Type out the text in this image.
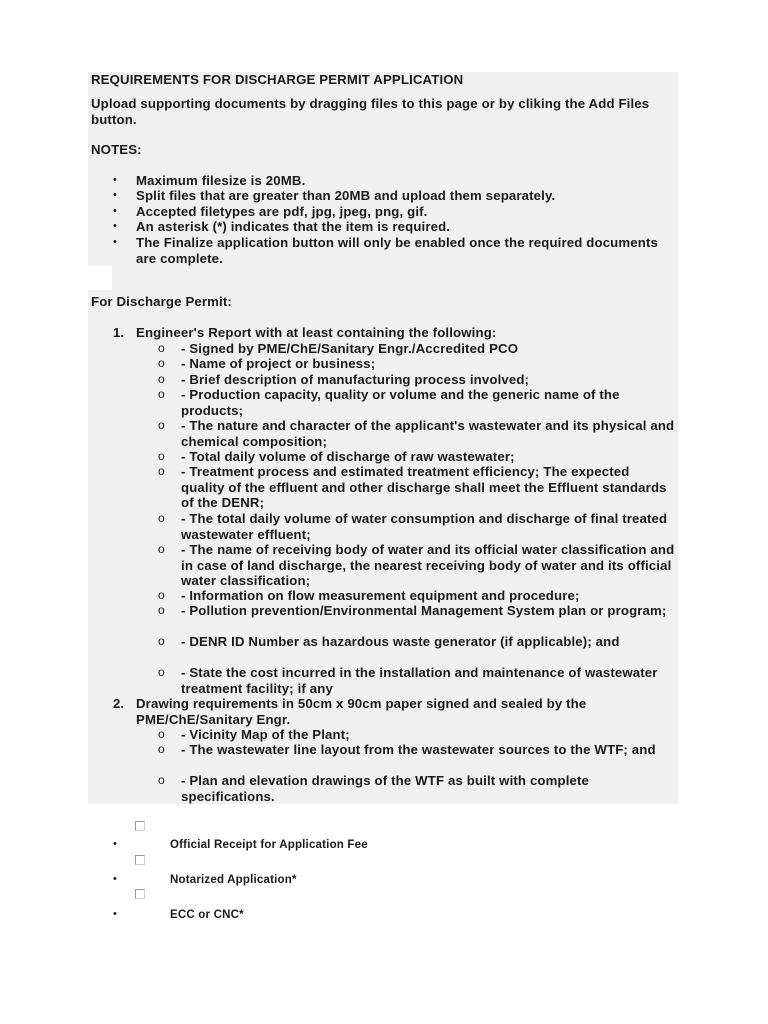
REQUIREMENTS FOR DISCHARGE PERMIT APPLICATION
Upload supporting documents by dragging files to this page or by cliking the Add Files button.
NOTES:
• Maximum filesize is 20MB.
• Split files that are greater than 20MB and upload them separately.
• Accepted filetypes are pdf, jpg, jpeg, png, gif.
• An asterisk (*) indicates that the item is required.
• The Finalize application button will only be enabled once the required documents are complete.
For Discharge Permit:
1. Engineer's Report with at least containing the following:
o - Signed by PME/ChE/Sanitary Engr./Accredited PCO
o - Name of project or business;
o - Brief description of manufacturing process involved;
o - Production capacity, quality or volume and the generic name of the products;
o - The nature and character of the applicant's wastewater and its physical and chemical composition;
o - Total daily volume of discharge of raw wastewater;
o - Treatment process and estimated treatment efficiency; The expected quality of the effluent and other discharge shall meet the Effluent standards of the DENR;
o - The total daily volume of water consumption and discharge of final treated wastewater effluent;
o - The name of receiving body of water and its official water classification and in case of land discharge, the nearest receiving body of water and its official water classification;
o - Information on flow measurement equipment and procedure;
o - Pollution prevention/Environmental Management System plan or program;
o - DENR ID Number as hazardous waste generator (if applicable); and
o - State the cost incurred in the installation and maintenance of wastewater treatment facility; if any
2. Drawing requirements in 50cm x 90cm paper signed and sealed by the PME/ChE/Sanitary Engr.
o - Vicinity Map of the Plant;
o - The wastewater line layout from the wastewater sources to the WTF; and
o - Plan and elevation drawings of the WTF as built with complete specifications.
•	Official Receipt for Application Fee
•	Notarized Application*
•	ECC or CNC*
